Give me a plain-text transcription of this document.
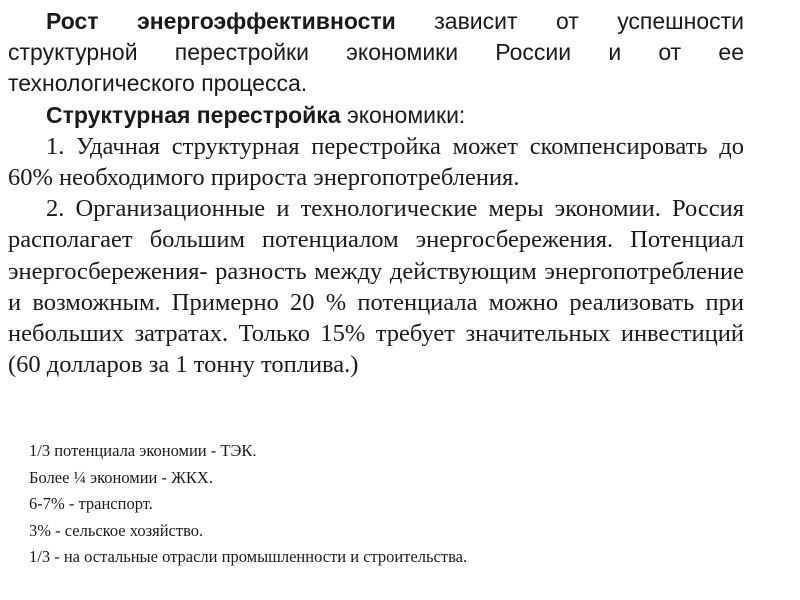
Рост энергоэффективности зависит от успешности структурной перестройки экономики России и от ее технологического процесса.

Структурная перестройка экономики:

1. Удачная структурная перестройка может скомпенсировать до 60% необходимого прироста энергопотребления.

2. Организационные и технологические меры экономии. Россия располагает большим потенциалом энергосбережения. Потенциал энергосбережения- разность между действующим энергопотребление и возможным. Примерно 20 % потенциала можно реализовать при небольших затратах. Только 15% требует значительных инвестиций (60 долларов за 1 тонну топлива.)

1/3 потенциала экономии - ТЭК.
Более ¼ экономии - ЖКХ.
6-7% - транспорт.
3% - сельское хозяйство.
1/3 - на остальные отрасли промышленности и строительства.
